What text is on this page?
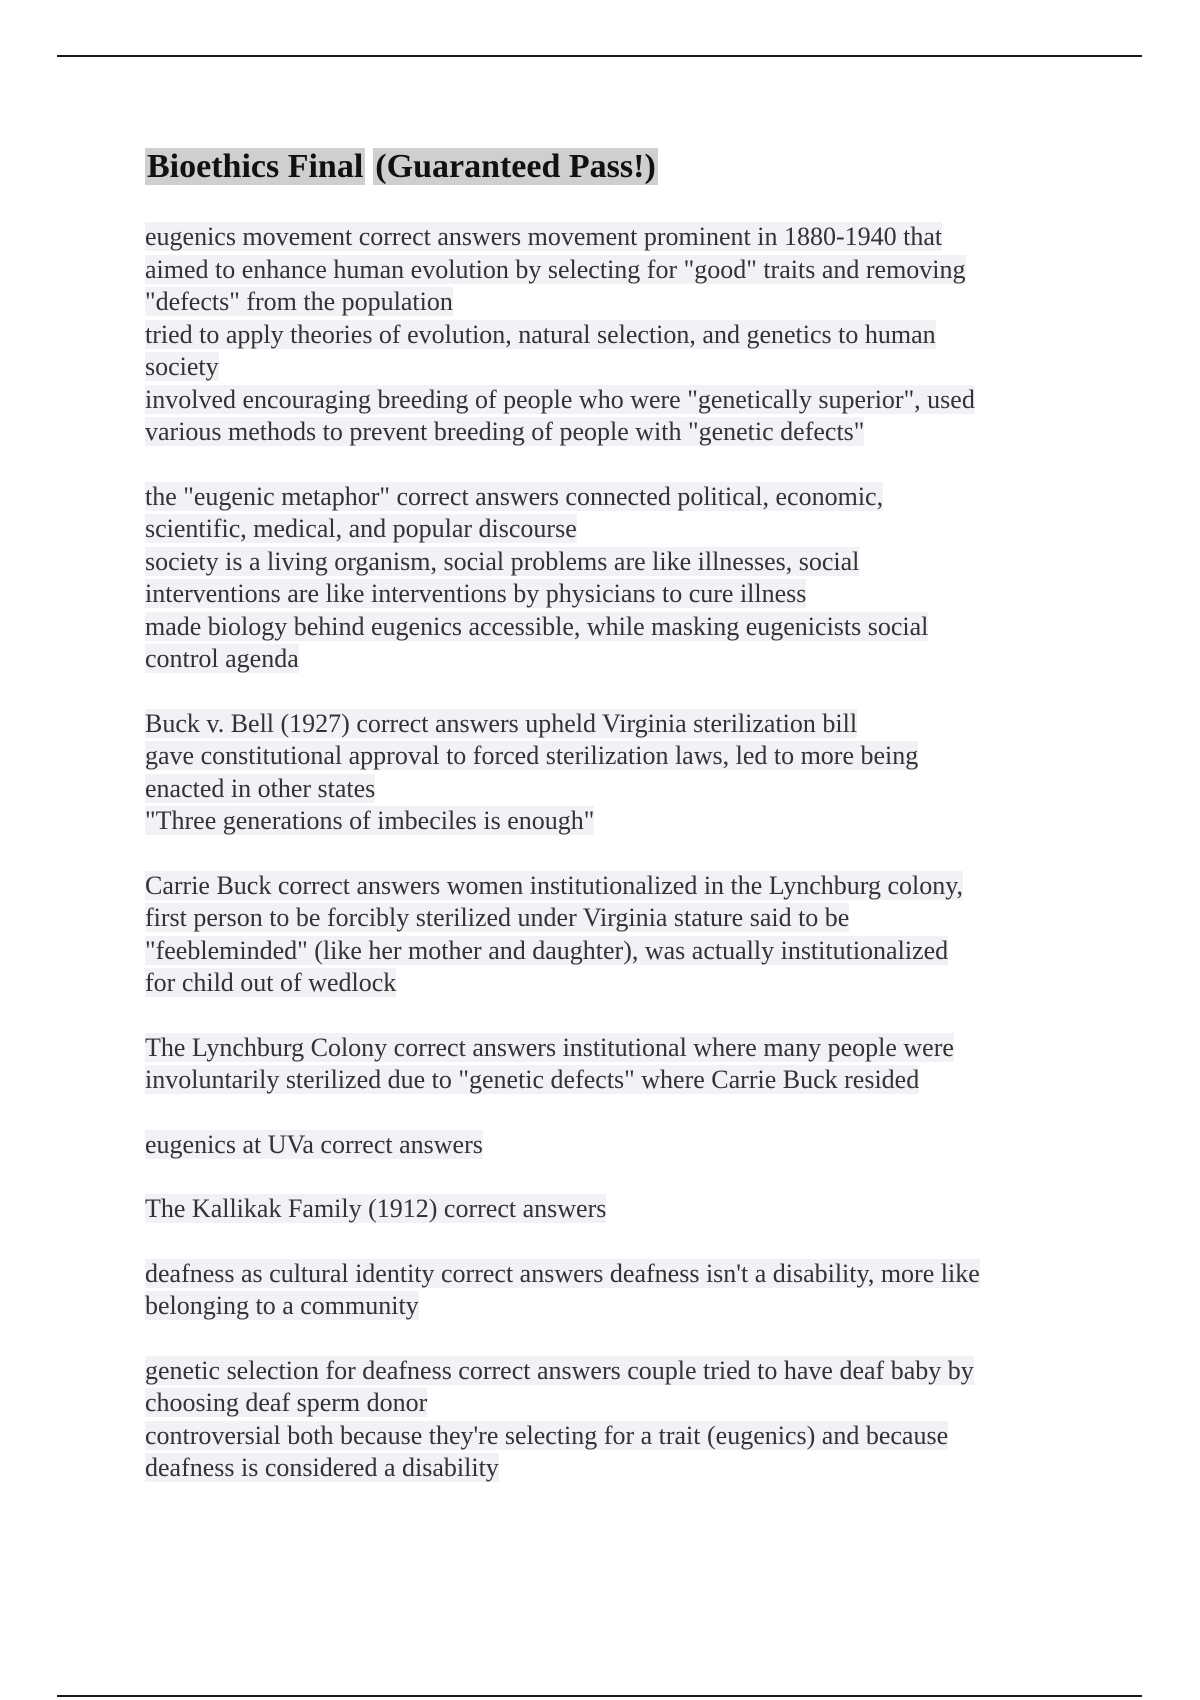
Bioethics Final (Guaranteed Pass!)
eugenics movement correct answers movement prominent in 1880-1940 that
aimed to enhance human evolution by selecting for "good" traits and removing
"defects" from the population
tried to apply theories of evolution, natural selection, and genetics to human
society
involved encouraging breeding of people who were "genetically superior", used
various methods to prevent breeding of people with "genetic defects"
the "eugenic metaphor" correct answers connected political, economic,
scientific, medical, and popular discourse
society is a living organism, social problems are like illnesses, social
interventions are like interventions by physicians to cure illness
made biology behind eugenics accessible, while masking eugenicists social
control agenda
Buck v. Bell (1927) correct answers upheld Virginia sterilization bill
gave constitutional approval to forced sterilization laws, led to more being
enacted in other states
"Three generations of imbeciles is enough"
Carrie Buck correct answers women institutionalized in the Lynchburg colony,
first person to be forcibly sterilized under Virginia stature said to be
"feebleminded" (like her mother and daughter), was actually institutionalized
for child out of wedlock
The Lynchburg Colony correct answers institutional where many people were
involuntarily sterilized due to "genetic defects" where Carrie Buck resided
eugenics at UVa correct answers
The Kallikak Family (1912) correct answers
deafness as cultural identity correct answers deafness isn't a disability, more like
belonging to a community
genetic selection for deafness correct answers couple tried to have deaf baby by
choosing deaf sperm donor
controversial both because they're selecting for a trait (eugenics) and because
deafness is considered a disability
